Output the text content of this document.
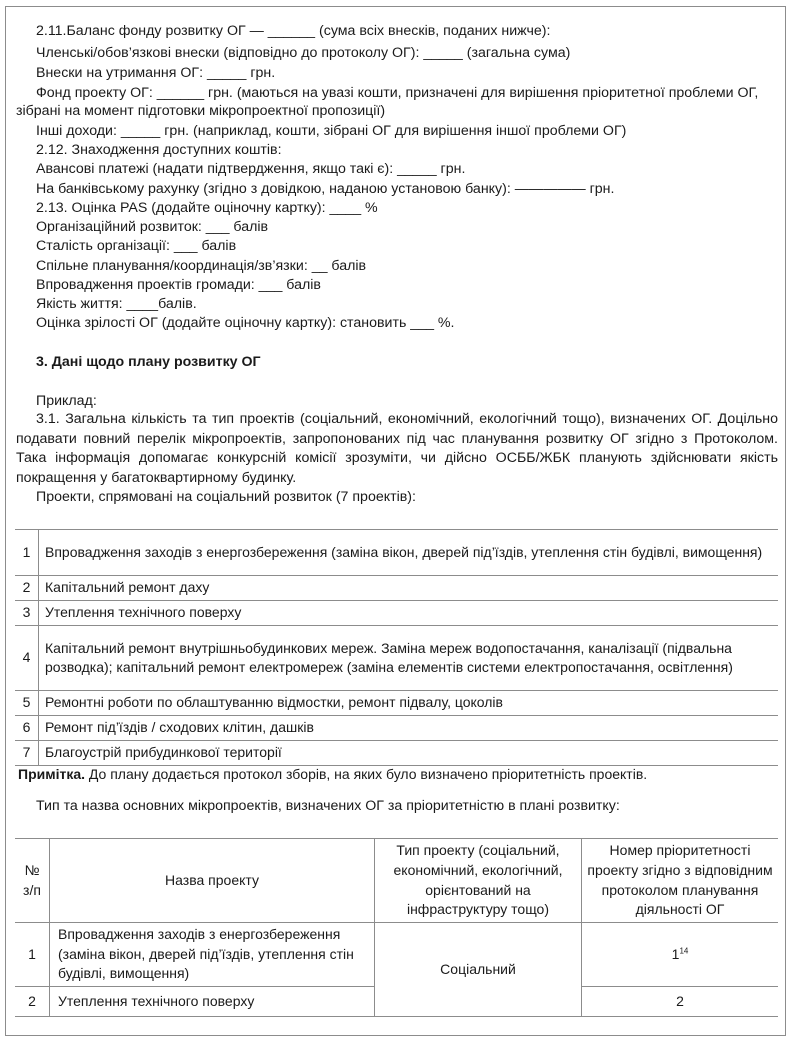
2.11.Баланс фонду розвитку ОГ — ______ (сума всіх внесків, поданих нижче):
Членські/обов’язкові внески (відповідно до протоколу ОГ): _____ (загальна сума)
Внески на утримання ОГ: _____ грн.
Фонд проекту ОГ: ______ грн. (маються на увазі кошти, призначені для вирішення пріоритетної проблеми ОГ,
зібрані на момент підготовки мікропроектної пропозиції)
Інші доходи: _____ грн. (наприклад, кошти, зібрані ОГ для вирішення іншої проблеми ОГ)
2.12. Знаходження доступних коштів:
Авансові платежі (надати підтвердження, якщо такі є): _____ грн.
На банківському рахунку (згідно з довідкою, наданою установою банку): ————— грн.
2.13. Оцінка PAS (додайте оціночну картку): ____ %
Організаційний розвиток: ___ балів
Сталість організації: ___ балів
Спільне планування/координація/зв’язки: __ балів
Впровадження проектів громади: ___ балів
Якість життя: ____балів.
Оцінка зрілості ОГ (додайте оціночну картку): становить ___ %.
3. Дані щодо плану розвитку ОГ
Приклад:
3.1. Загальна кількість та тип проектів (соціальний, економічний, екологічний тощо), визначених ОГ. Доцільно подавати повний перелік мікропроектів, запропонованих під час планування розвитку ОГ згідно з Протоколом. Така інформація допомагає конкурсній комісії зрозуміти, чи дійсно ОСББ/ЖБК планують здійснювати якість покращення у багатоквартирному будинку.
Проекти, спрямовані на соціальний розвиток (7 проектів):
1	Впровадження заходів з енергозбереження (заміна вікон, дверей під’їздів, утеплення стін будівлі, вимощення)
2	Капітальний ремонт даху
3	Утеплення технічного поверху
4	Капітальний ремонт внутрішньобудинкових мереж. Заміна мереж водопостачання, каналізації (підвальна розводка); капітальний ремонт електромереж (заміна елементів системи електропостачання, освітлення)
5	Ремонтні роботи по облаштуванню відмостки, ремонт підвалу, цоколів
6	Ремонт під’їздів / сходових клітин, дашків
7	Благоустрій прибудинкової території
Примітка. До плану додається протокол зборів, на яких було визначено пріоритетність проектів.
Тип та назва основних мікропроектів, визначених ОГ за пріоритетністю в плані розвитку:
№ з/п	Назва проекту	Тип проекту (соціальний, економічний, екологічний, орієнтований на інфраструктуру тощо)	Номер пріоритетності проекту згідно з відповідним протоколом планування діяльності ОГ
1	Впровадження заходів з енергозбереження (заміна вікон, дверей під’їздів, утеплення стін будівлі, вимощення)	Соціальний	$1^{14}$
2	Утеплення технічного поверху		2
